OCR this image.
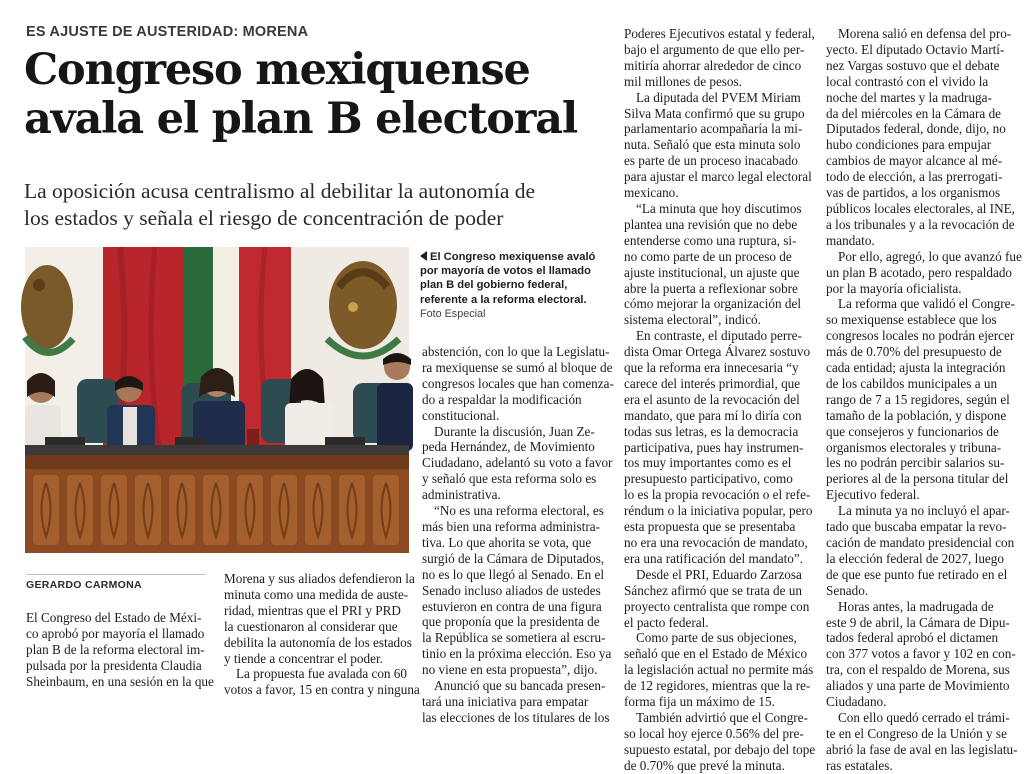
ES AJUSTE DE AUSTERIDAD: MORENA
Congreso mexiquense
avala el plan B electoral
La oposición acusa centralismo al debilitar la autonomía de
los estados y señala el riesgo de concentración de poder
El Congreso mexiquense avaló
por mayoría de votos el llamado
plan B del gobierno federal,
referente a la reforma electoral.
Foto Especial
GERARDO CARMONA
El Congreso del Estado de Méxi-
co aprobó por mayoría el llamado
plan B de la reforma electoral im-
pulsada por la presidenta Claudia
Sheinbaum, en una sesión en la que
Morena y sus aliados defendieron la
minuta como una medida de auste-
ridad, mientras que el PRI y PRD
la cuestionaron al considerar que
debilita la autonomía de los estados
y tiende a concentrar el poder.
La propuesta fue avalada con 60
votos a favor, 15 en contra y ninguna
abstención, con lo que la Legislatu-
ra mexiquense se sumó al bloque de
congresos locales que han comenza-
do a respaldar la modificación
constitucional.
Durante la discusión, Juan Ze-
peda Hernández, de Movimiento
Ciudadano, adelantó su voto a favor
y señaló que esta reforma solo es
administrativa.
“No es una reforma electoral, es
más bien una reforma administra-
tiva. Lo que ahorita se vota, que
surgió de la Cámara de Diputados,
no es lo que llegó al Senado. En el
Senado incluso aliados de ustedes
estuvieron en contra de una figura
que proponía que la presidenta de
la República se sometiera al escru-
tinio en la próxima elección. Eso ya
no viene en esta propuesta”, dijo.
Anunció que su bancada presen-
tará una iniciativa para empatar
las elecciones de los titulares de los
Poderes Ejecutivos estatal y federal,
bajo el argumento de que ello per-
mitiría ahorrar alrededor de cinco
mil millones de pesos.
La diputada del PVEM Miriam
Silva Mata confirmó que su grupo
parlamentario acompañaría la mi-
nuta. Señaló que esta minuta solo
es parte de un proceso inacabado
para ajustar el marco legal electoral
mexicano.
“La minuta que hoy discutimos
plantea una revisión que no debe
entenderse como una ruptura, si-
no como parte de un proceso de
ajuste institucional, un ajuste que
abre la puerta a reflexionar sobre
cómo mejorar la organización del
sistema electoral”, indicó.
En contraste, el diputado perre-
dista Omar Ortega Álvarez sostuvo
que la reforma era innecesaria “y
carece del interés primordial, que
era el asunto de la revocación del
mandato, que para mí lo diría con
todas sus letras, es la democracia
participativa, pues hay instrumen-
tos muy importantes como es el
presupuesto participativo, como
lo es la propia revocación o el refe-
réndum o la iniciativa popular, pero
esta propuesta que se presentaba
no era una revocación de mandato,
era una ratificación del mandato”.
Desde el PRI, Eduardo Zarzosa
Sánchez afirmó que se trata de un
proyecto centralista que rompe con
el pacto federal.
Como parte de sus objeciones,
señaló que en el Estado de México
la legislación actual no permite más
de 12 regidores, mientras que la re-
forma fija un máximo de 15.
También advirtió que el Congre-
so local hoy ejerce 0.56% del pre-
supuesto estatal, por debajo del tope
de 0.70% que prevé la minuta.
Morena salió en defensa del pro-
yecto. El diputado Octavio Martí-
nez Vargas sostuvo que el debate
local contrastó con el vivido la
noche del martes y la madruga-
da del miércoles en la Cámara de
Diputados federal, donde, dijo, no
hubo condiciones para empujar
cambios de mayor alcance al mé-
todo de elección, a las prerrogati-
vas de partidos, a los organismos
públicos locales electorales, al INE,
a los tribunales y a la revocación de
mandato.
Por ello, agregó, lo que avanzó fue
un plan B acotado, pero respaldado
por la mayoría oficialista.
La reforma que validó el Congre-
so mexiquense establece que los
congresos locales no podrán ejercer
más de 0.70% del presupuesto de
cada entidad; ajusta la integración
de los cabildos municipales a un
rango de 7 a 15 regidores, según el
tamaño de la población, y dispone
que consejeros y funcionarios de
organismos electorales y tribuna-
les no podrán percibir salarios su-
periores al de la persona titular del
Ejecutivo federal.
La minuta ya no incluyó el apar-
tado que buscaba empatar la revo-
cación de mandato presidencial con
la elección federal de 2027, luego
de que ese punto fue retirado en el
Senado.
Horas antes, la madrugada de
este 9 de abril, la Cámara de Dipu-
tados federal aprobó el dictamen
con 377 votos a favor y 102 en con-
tra, con el respaldo de Morena, sus
aliados y una parte de Movimiento
Ciudadano.
Con ello quedó cerrado el trámi-
te en el Congreso de la Unión y se
abrió la fase de aval en las legislatu-
ras estatales.
